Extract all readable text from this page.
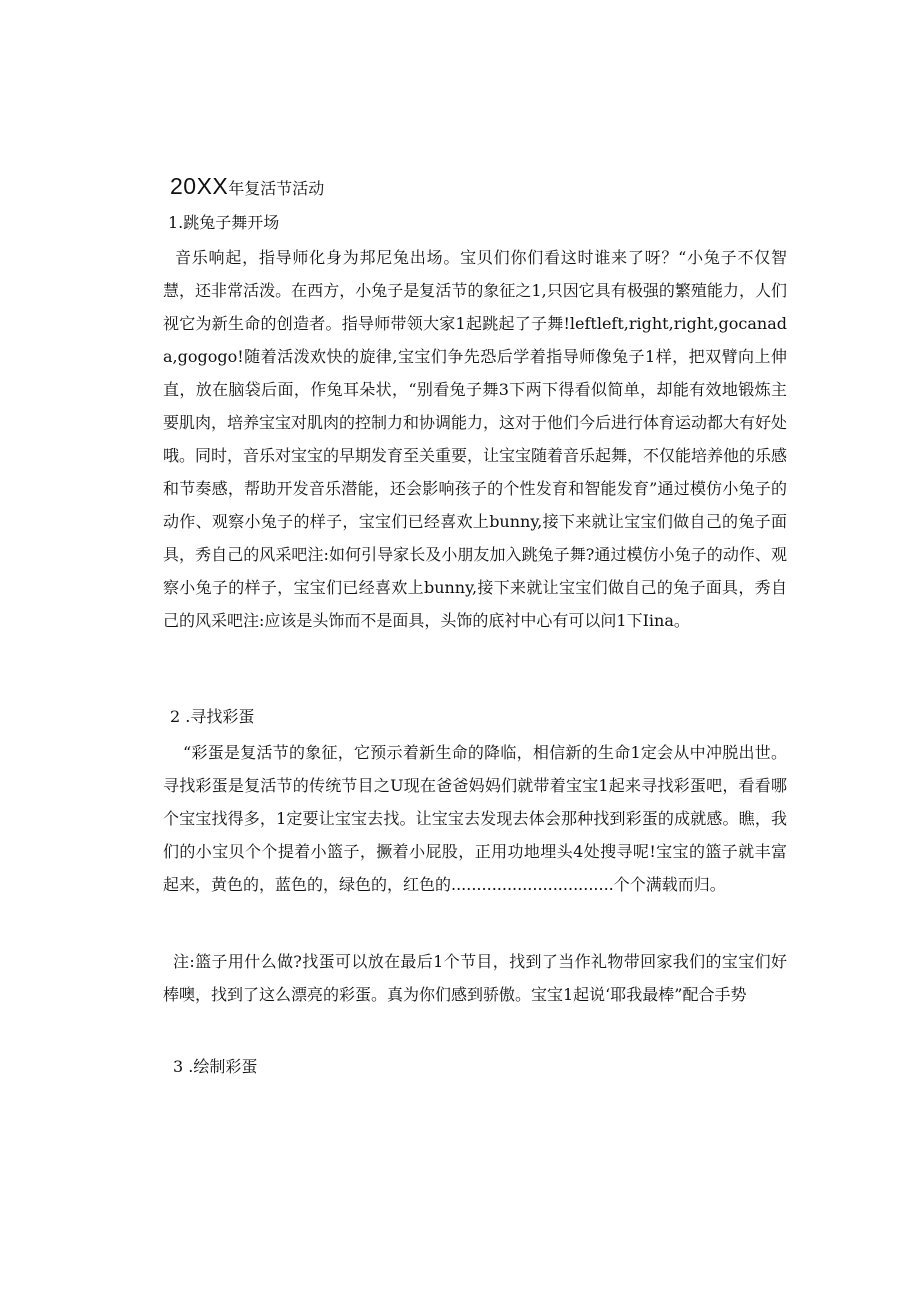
20XX年复活节活动
1.跳兔子舞开场
音乐响起，指导师化身为邦尼兔出场。宝贝们你们看这时谁来了呀？“小兔子不仅智慧，还非常活泼。在西方，小兔子是复活节的象征之1,只因它具有极强的繁殖能力，人们视它为新生命的创造者。指导师带领大家1起跳起了子舞!leftleft,right,right,gocanada,gogogo!随着活泼欢快的旋律,宝宝们争先恐后学着指导师像兔子1样，把双臂向上伸直，放在脑袋后面，作兔耳朵状，“别看兔子舞3下两下得看似简单，却能有效地锻炼主要肌肉，培养宝宝对肌肉的控制力和协调能力，这对于他们今后进行体育运动都大有好处哦。同时，音乐对宝宝的早期发育至关重要，让宝宝随着音乐起舞，不仅能培养他的乐感和节奏感，帮助开发音乐潜能，还会影响孩子的个性发育和智能发育”通过模仿小兔子的动作、观察小兔子的样子，宝宝们已经喜欢上bunny,接下来就让宝宝们做自己的兔子面具，秀自己的风采吧注:如何引导家长及小朋友加入跳兔子舞?通过模仿小兔子的动作、观察小兔子的样子，宝宝们已经喜欢上bunny,接下来就让宝宝们做自己的兔子面具，秀自己的风采吧注:应该是头饰而不是面具，头饰的底衬中心有可以问1下Iina。
2 .寻找彩蛋
“彩蛋是复活节的象征，它预示着新生命的降临，相信新的生命1定会从中冲脱出世。寻找彩蛋是复活节的传统节目之U现在爸爸妈妈们就带着宝宝1起来寻找彩蛋吧，看看哪个宝宝找得多，1定要让宝宝去找。让宝宝去发现去体会那种找到彩蛋的成就感。瞧，我们的小宝贝个个提着小篮子，撅着小屁股，正用功地埋头4处搜寻呢!宝宝的篮子就丰富起来，黄色的，蓝色的，绿色的，红色的................................个个满载而归。
注:篮子用什么做?找蛋可以放在最后1个节目，找到了当作礼物带回家我们的宝宝们好棒噢，找到了这么漂亮的彩蛋。真为你们感到骄傲。宝宝1起说‘耶我最棒”配合手势
3 .绘制彩蛋
